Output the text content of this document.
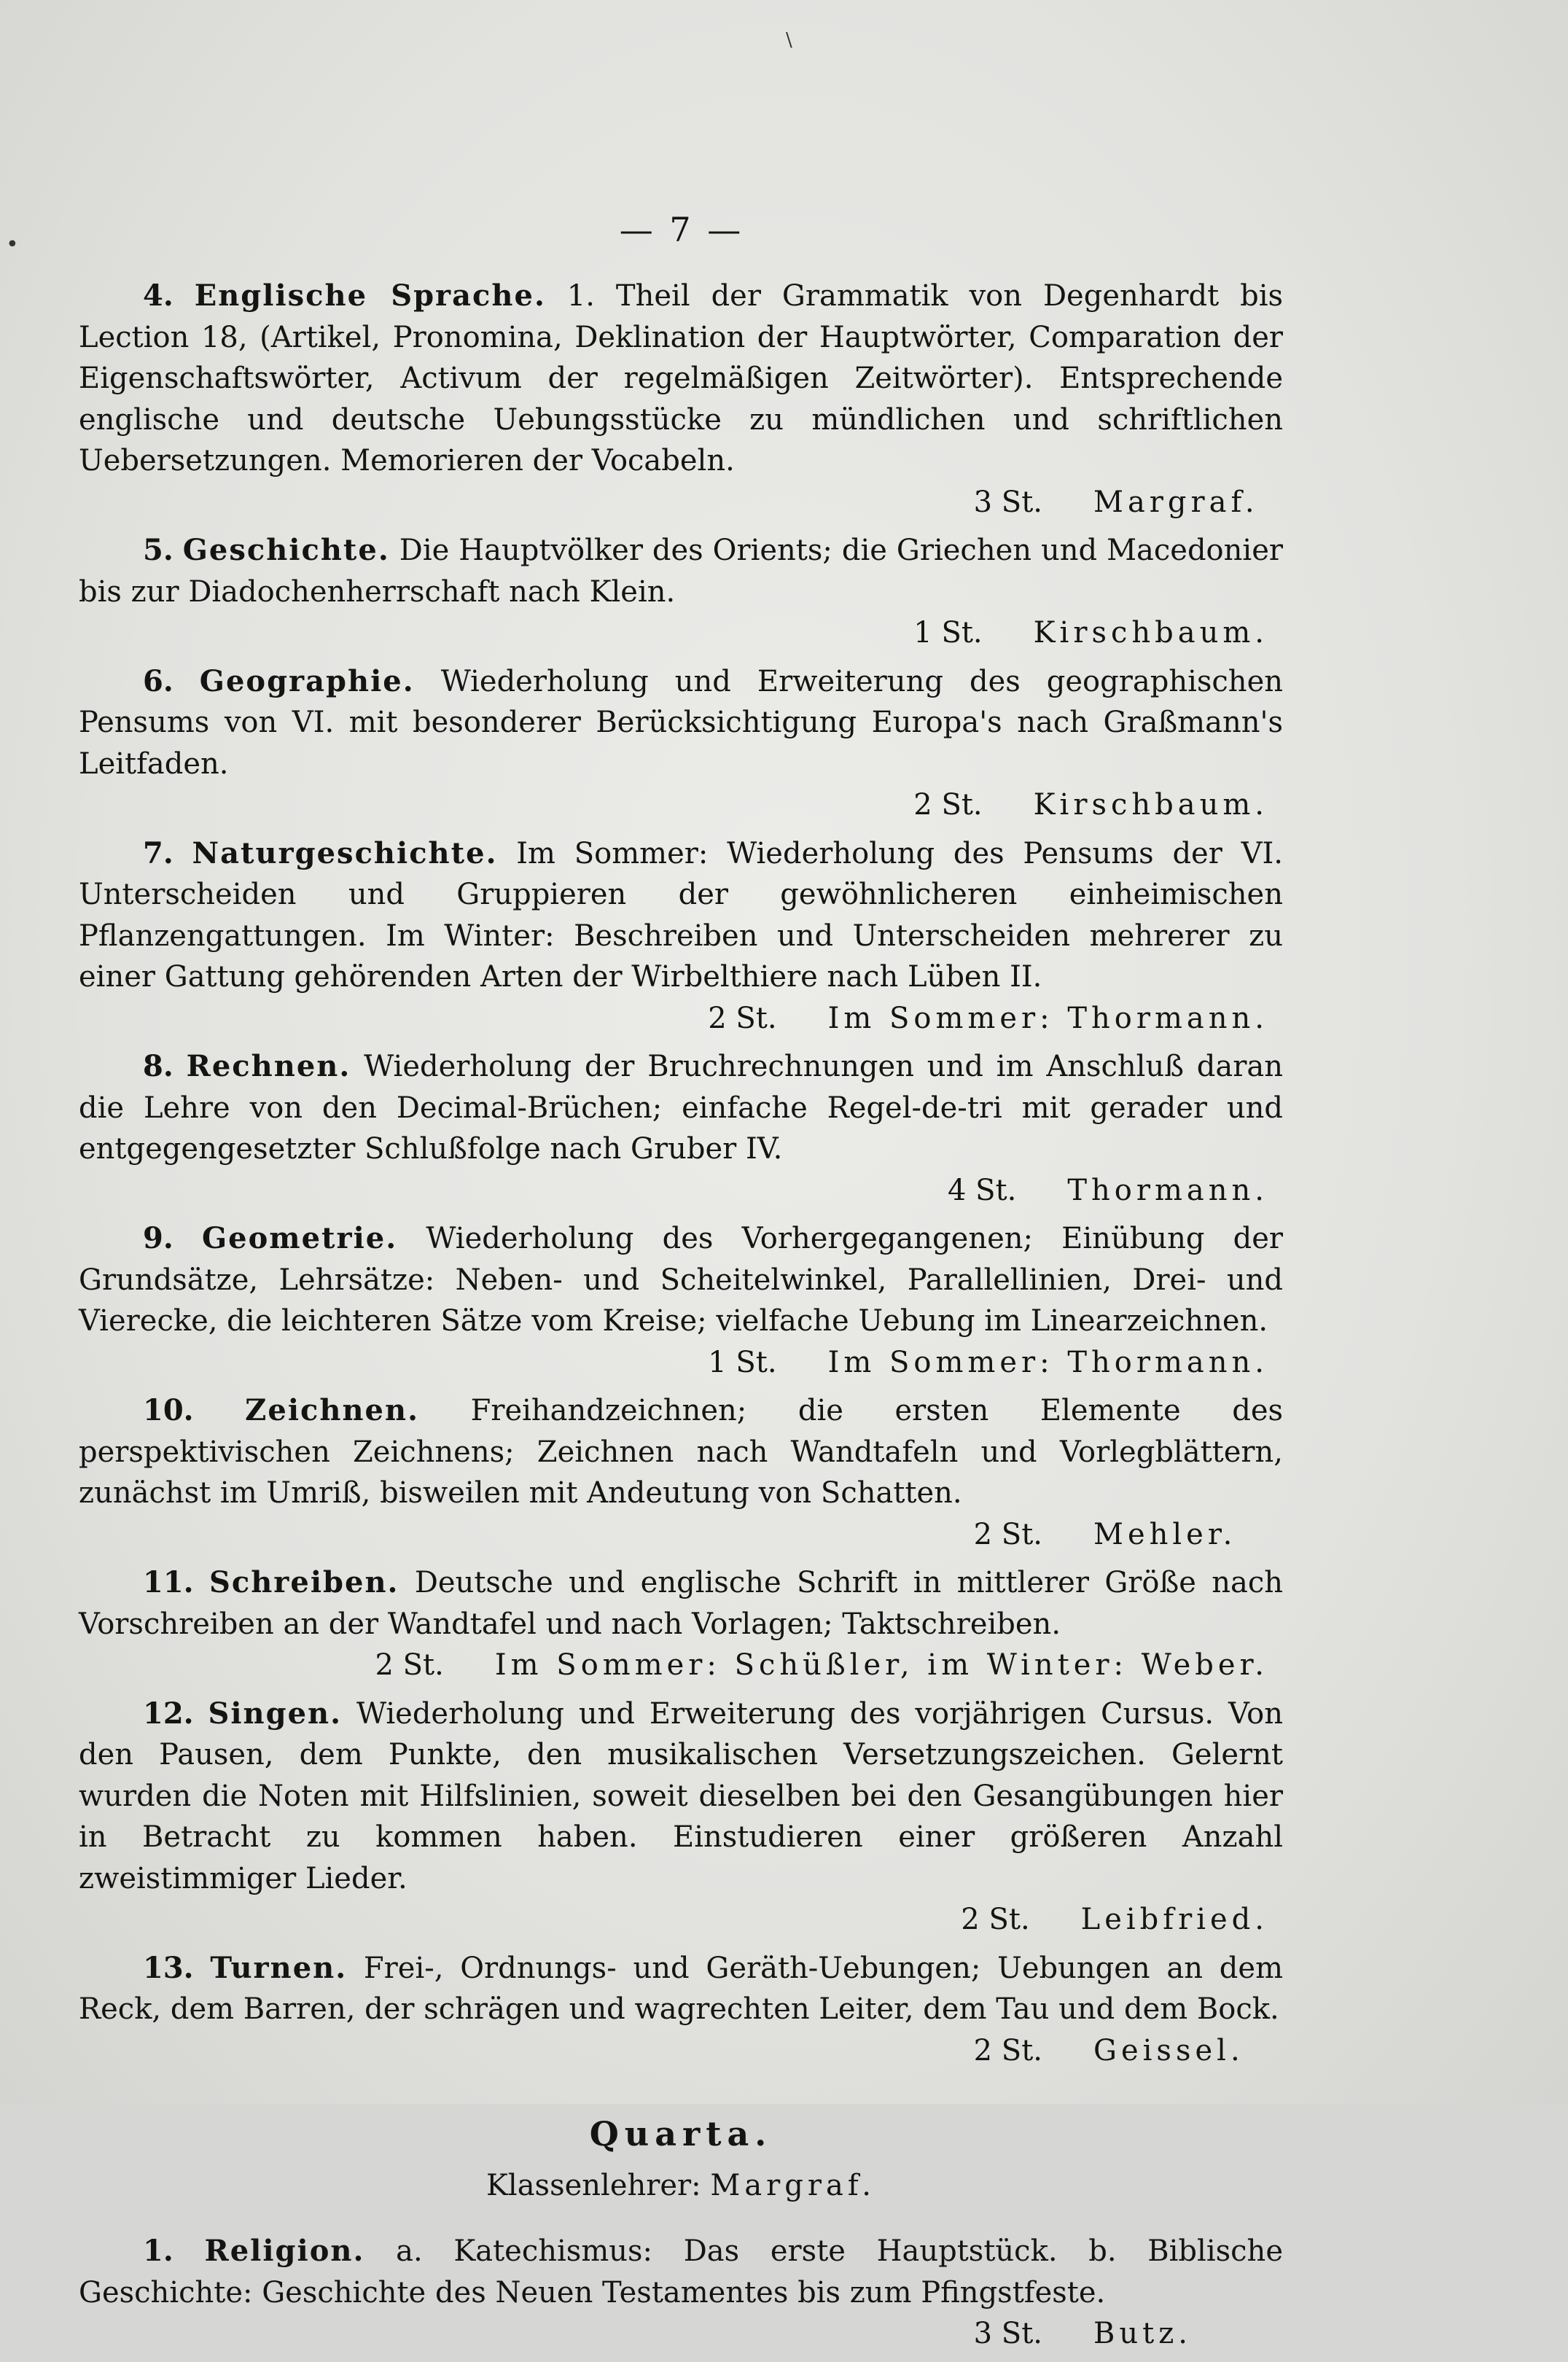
\
•	— 7 —

4. Englische Sprache. 1. Theil der Grammatik von Degenhardt bis Lection 18, (Artikel, Pronomina, Deklination der Hauptwörter, Comparation der Eigenschaftswörter, Activum der regelmäßigen Zeitwörter). Entsprechende englische und deutsche Uebungsstücke zu mündlichen und schriftlichen Uebersetzungen. Memorieren der Vocabeln.

3 St. Margraf.

5. Geschichte. Die Hauptvölker des Orients; die Griechen und Macedonier bis zur Diadochenherrschaft nach Klein.

1 St. Kirschbaum.

6. Geographie. Wiederholung und Erweiterung des geographischen Pensums von VI. mit besonderer Berücksichtigung Europa's nach Graßmann's Leitfaden.

2 St. Kirschbaum.

7. Naturgeschichte. Im Sommer: Wiederholung des Pensums der VI. Unterscheiden und Gruppieren der gewöhnlicheren einheimischen Pflanzengattungen. Im Winter: Beschreiben und Unterscheiden mehrerer zu einer Gattung gehörenden Arten der Wirbelthiere nach Lüben II.

2 St. Im Sommer: Thormann.

8. Rechnen. Wiederholung der Bruchrechnungen und im Anschluß daran die Lehre von den Decimal-Brüchen; einfache Regel-de-tri mit gerader und entgegengesetzter Schlußfolge nach Gruber IV.

4 St. Thormann.

9. Geometrie. Wiederholung des Vorhergegangenen; Einübung der Grundsätze, Lehrsätze: Neben- und Scheitelwinkel, Parallellinien, Drei- und Vierecke, die leichteren Sätze vom Kreise; vielfache Uebung im Linearzeichnen.

1 St. Im Sommer: Thormann.

10. Zeichnen. Freihandzeichnen; die ersten Elemente des perspektivischen Zeichnens; Zeichnen nach Wandtafeln und Vorlegblättern, zunächst im Umriß, bisweilen mit Andeutung von Schatten.

2 St. Mehler.

11. Schreiben. Deutsche und englische Schrift in mittlerer Größe nach Vorschreiben an der Wandtafel und nach Vorlagen; Taktschreiben.

2 St. Im Sommer: Schüßler, im Winter: Weber.

12. Singen. Wiederholung und Erweiterung des vorjährigen Cursus. Von den Pausen, dem Punkte, den musikalischen Versetzungszeichen. Gelernt wurden die Noten mit Hilfslinien, soweit dieselben bei den Gesangübungen hier in Betracht zu kommen haben. Einstudieren einer größeren Anzahl zweistimmiger Lieder.

2 St. Leibfried.

13. Turnen. Frei-, Ordnungs- und Geräth-Uebungen; Uebungen an dem Reck, dem Barren, der schrägen und wagrechten Leiter, dem Tau und dem Bock.

2 St. Geissel.
Quarta.
Klassenlehrer: Margraf.

1. Religion. a. Katechismus: Das erste Hauptstück. b. Biblische Geschichte: Geschichte des Neuen Testamentes bis zum Pfingstfeste.

3 St. Butz.
